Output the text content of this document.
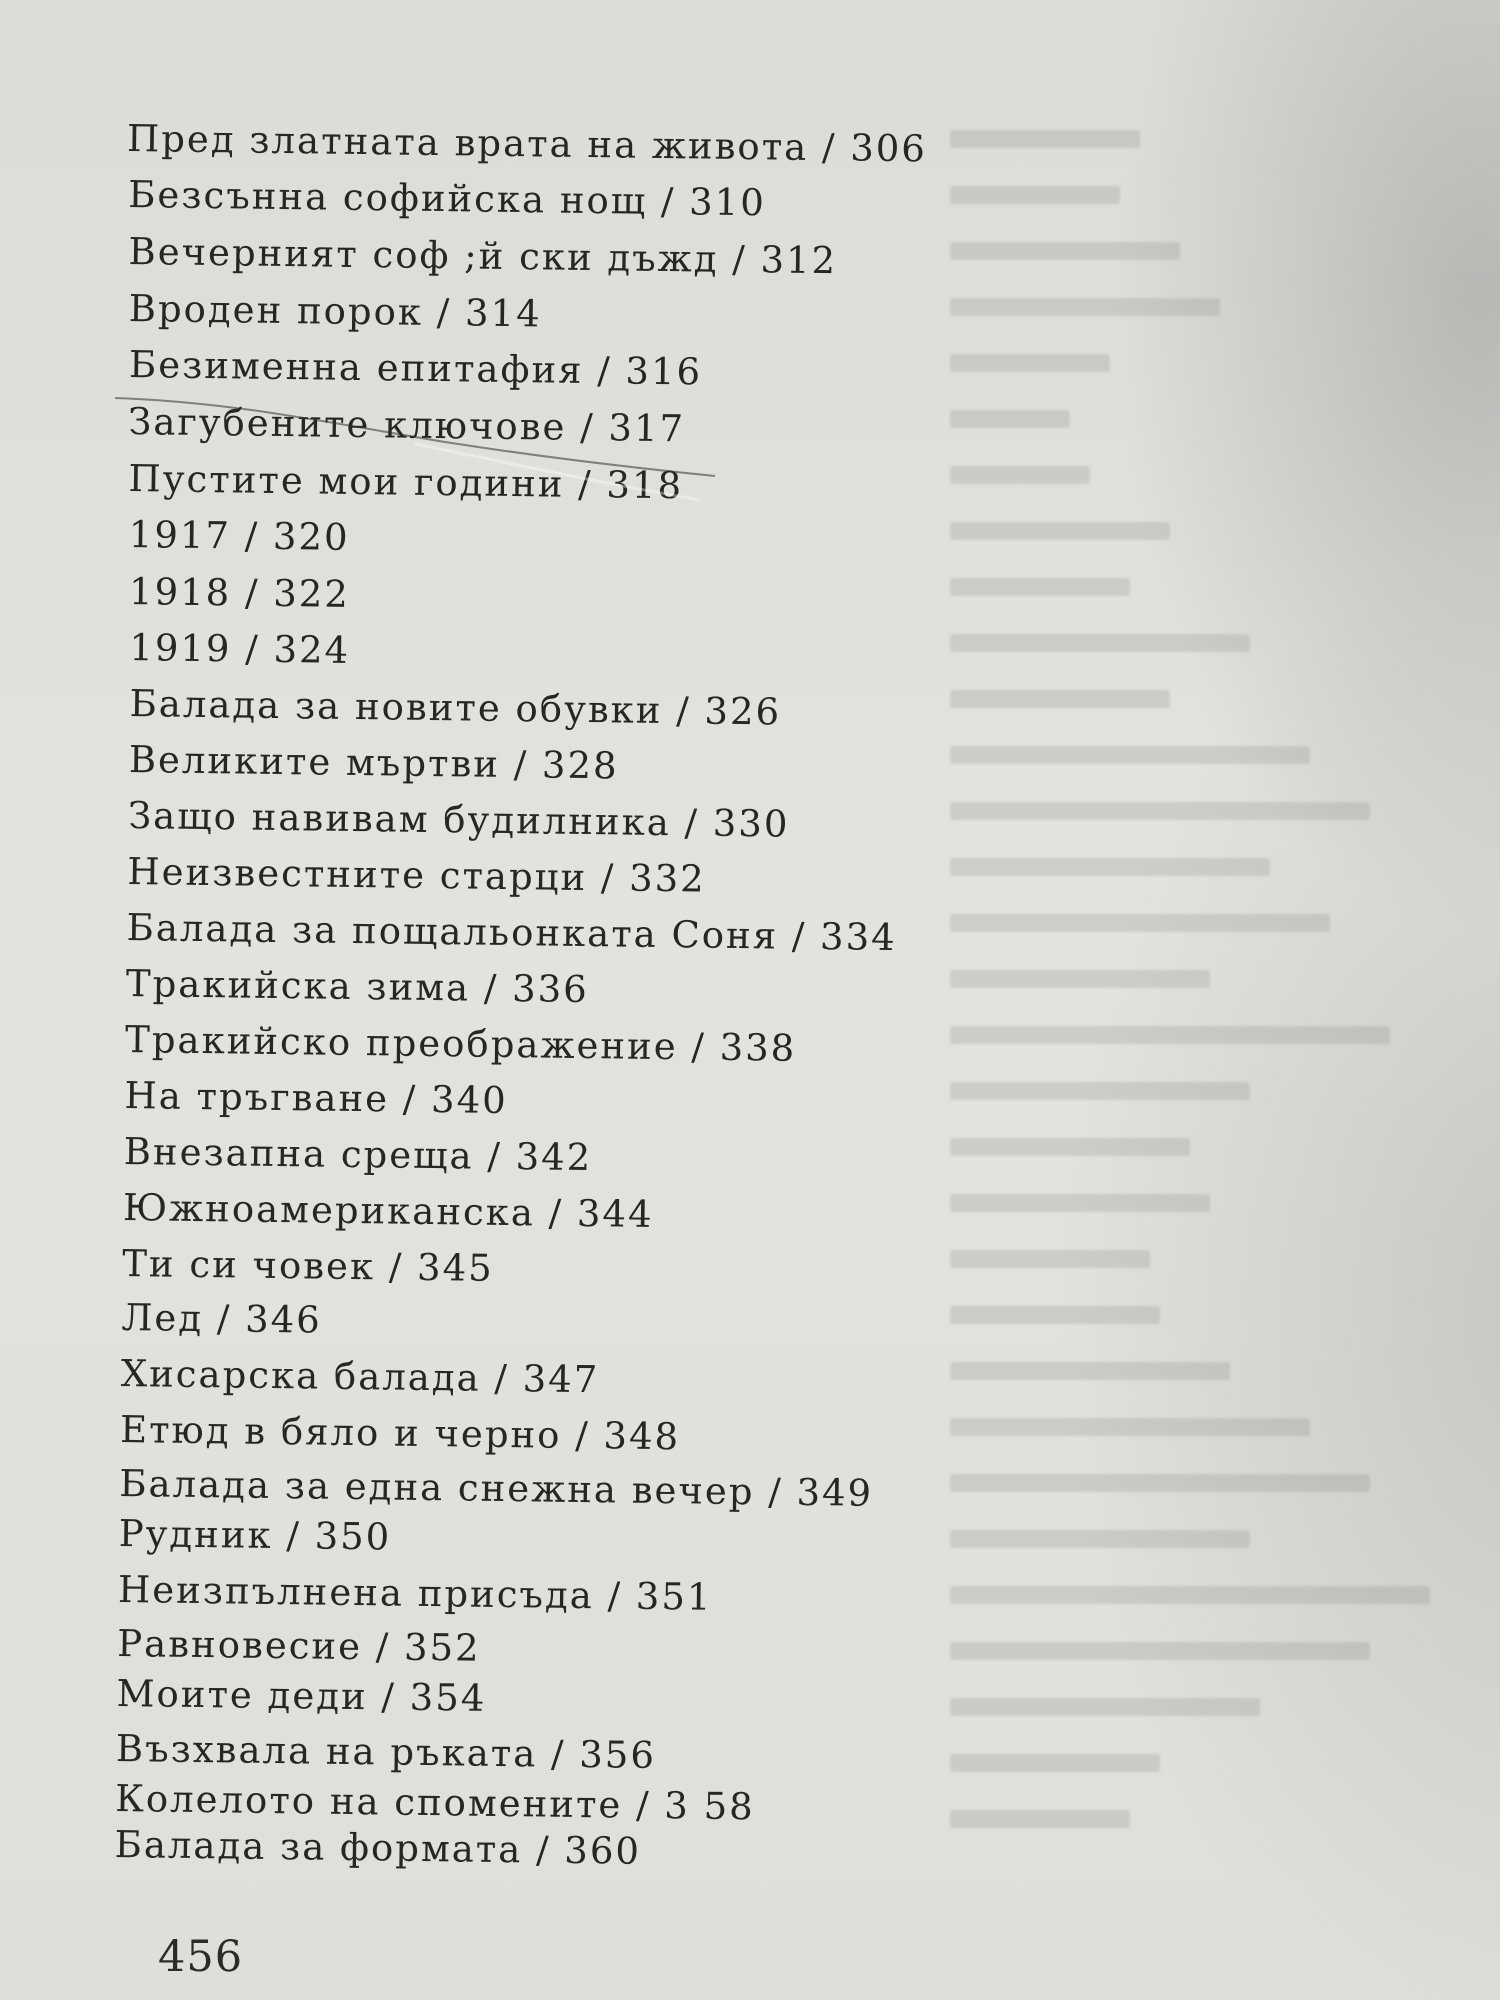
Пред златната врата на живота / 306
Безсънна софийска нощ / 310
Вечерният соф ;й ски дъжд / 312
Вроден порок / 314
Безименна епитафия / 316
Загубените ключове / 317
Пустите мои години / 318
1917 / 320
1918 / 322
1919 / 324
Балада за новите обувки / 326
Великите мъртви / 328
Защо навивам будилника / 330
Неизвестните старци / 332
Балада за пощальонката Соня / 334
Тракийска зима / 336
Тракийско преображение / 338
На тръгване / 340
Внезапна среща / 342
Южноамериканска / 344
Ти си човек / 345
Лед / 346
Хисарска балада / 347
Етюд в бяло и черно / 348
Балада за една снежна вечер / 349
Рудник / 350
Неизпълнена присъда / 351
Равновесие / 352
Моите деди / 354
Възхвала на ръката / 356
Колелото на спомените / 3 58
Балада за формата / 360
456
